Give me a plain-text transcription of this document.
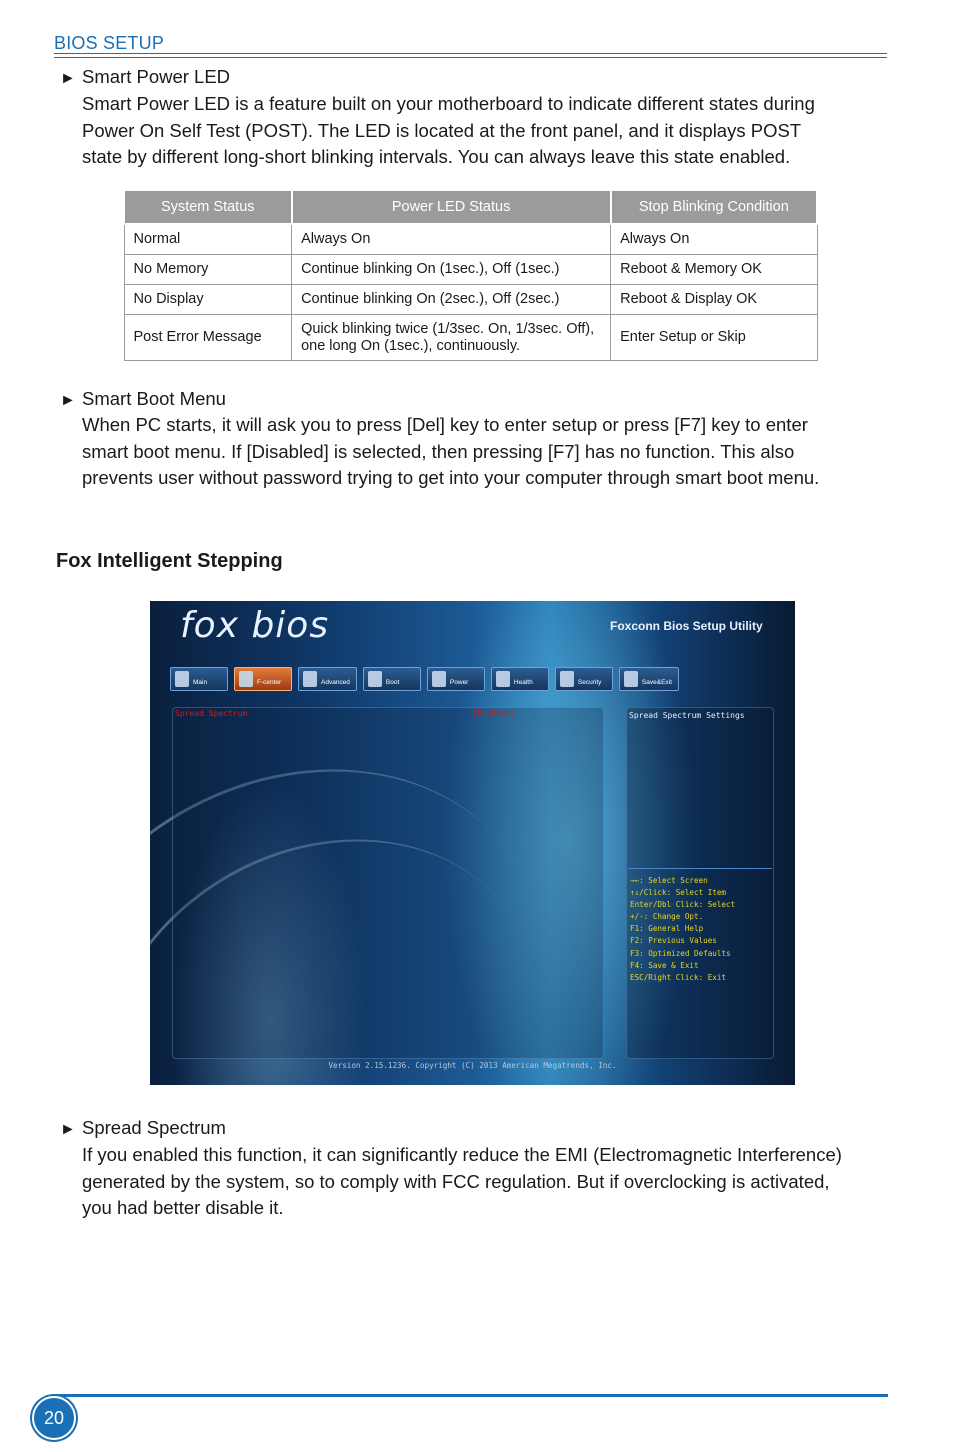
BIOS SETUP
► Smart Power LED
Smart Power LED is a feature built on your motherboard to indicate different states during
Power On Self Test (POST). The LED is located at the front panel, and it displays POST
state by different long-short blinking intervals. You can always leave this state enabled.
System Status	Power LED Status	Stop Blinking Condition
Normal	Always On	Always On
No Memory	Continue blinking On (1sec.), Off (1sec.)	Reboot & Memory OK
No Display	Continue blinking On (2sec.), Off (2sec.)	Reboot & Display OK
Post Error Message	Quick blinking twice (1/3sec. On, 1/3sec. Off), one long On (1sec.), continuously.	Enter Setup or Skip
► Smart Boot Menu
When PC starts, it will ask you to press [Del] key to enter setup or press [F7] key to enter
smart boot menu. If [Disabled] is selected, then pressing [F7] has no function. This also
prevents user without password trying to get into your computer through smart boot menu.
Fox Intelligent Stepping
fox bios	Foxconn Bios Setup Utility
Main	F-center	Advanced	Boot	Power	Health	Security	Save&Exit
Spread Spectrum	[Enabled]	Spread Spectrum Settings
→←: Select Screen
↑↓/Click: Select Item
Enter/Dbl Click: Select
+/-: Change Opt.
F1: General Help
F2: Previous Values
F3: Optimized Defaults
F4: Save & Exit
ESC/Right Click: Exit
Version 2.15.1236. Copyright (C) 2013 American Megatrends, Inc.
► Spread Spectrum
If you enabled this function, it can significantly reduce the EMI (Electromagnetic Interference)
generated by the system, so to comply with FCC regulation. But if overclocking is activated,
you had better disable it.
20
